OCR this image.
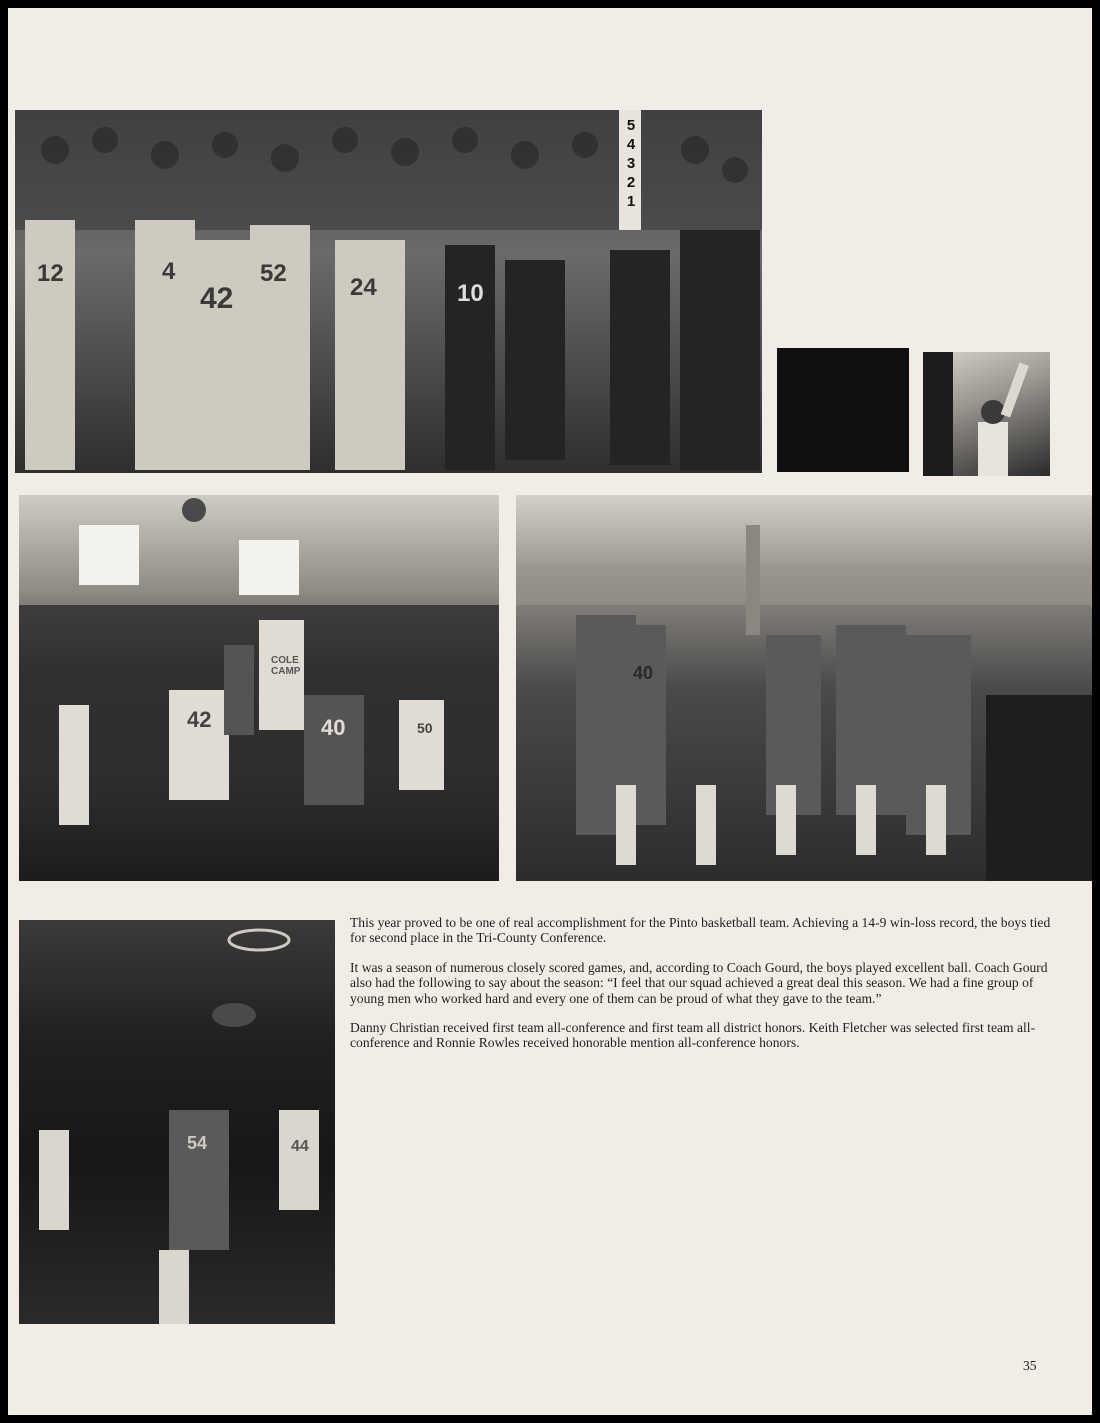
5
4
3
2
1
12	4
42
52
24	10
COLE CAMP
42	40	50
40
54	44

This year proved to be one of real accomplishment for the Pinto basketball team. Achieving a 14-9 win-loss record, the boys tied for second place in the Tri-County Conference.

It was a season of numerous closely scored games, and, according to Coach Gourd, the boys played excellent ball. Coach Gourd also had the following to say about the season: “I feel that our squad achieved a great deal this season. We had a fine group of young men who worked hard and every one of them can be proud of what they gave to the team.”

Danny Christian received first team all-conference and first team all district honors. Keith Fletcher was selected first team all-conference and Ronnie Rowles received honorable mention all-conference honors.

35
